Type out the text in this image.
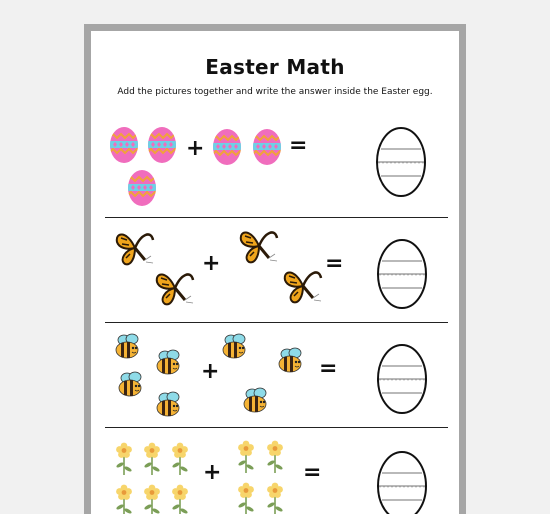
Easter Math
Add the pictures together and write the answer inside the Easter egg.
+	=
+	=
+	=
+	=
